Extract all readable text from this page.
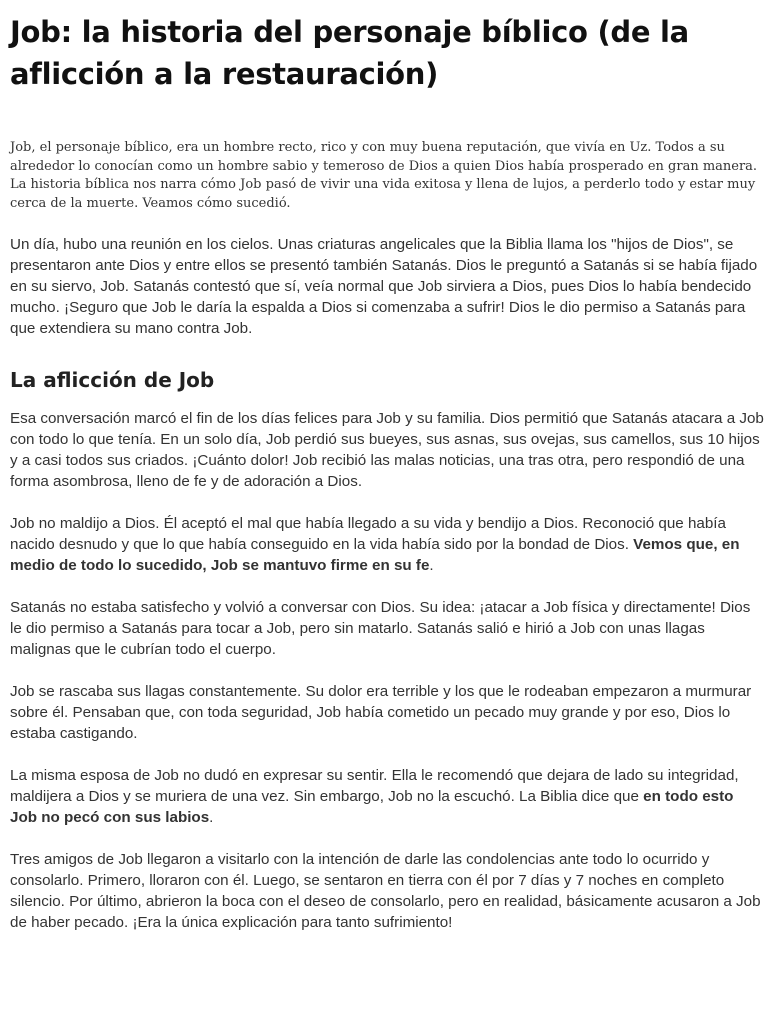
Job: la historia del personaje bíblico (de la aflicción a la restauración)

Job, el personaje bíblico, era un hombre recto, rico y con muy buena reputación, que vivía en Uz. Todos a su alrededor lo conocían como un hombre sabio y temeroso de Dios a quien Dios había prosperado en gran manera. La historia bíblica nos narra cómo Job pasó de vivir una vida exitosa y llena de lujos, a perderlo todo y estar muy cerca de la muerte. Veamos cómo sucedió.

Un día, hubo una reunión en los cielos. Unas criaturas angelicales que la Biblia llama los "hijos de Dios", se presentaron ante Dios y entre ellos se presentó también Satanás. Dios le preguntó a Satanás si se había fijado en su siervo, Job. Satanás contestó que sí, veía normal que Job sirviera a Dios, pues Dios lo había bendecido mucho. ¡Seguro que Job le daría la espalda a Dios si comenzaba a sufrir! Dios le dio permiso a Satanás para que extendiera su mano contra Job.

La aflicción de Job

Esa conversación marcó el fin de los días felices para Job y su familia. Dios permitió que Satanás atacara a Job con todo lo que tenía. En un solo día, Job perdió sus bueyes, sus asnas, sus ovejas, sus camellos, sus 10 hijos y a casi todos sus criados. ¡Cuánto dolor! Job recibió las malas noticias, una tras otra, pero respondió de una forma asombrosa, lleno de fe y de adoración a Dios.

Job no maldijo a Dios. Él aceptó el mal que había llegado a su vida y bendijo a Dios. Reconoció que había nacido desnudo y que lo que había conseguido en la vida había sido por la bondad de Dios. Vemos que, en medio de todo lo sucedido, Job se mantuvo firme en su fe.

Satanás no estaba satisfecho y volvió a conversar con Dios. Su idea: ¡atacar a Job física y directamente! Dios le dio permiso a Satanás para tocar a Job, pero sin matarlo. Satanás salió e hirió a Job con unas llagas malignas que le cubrían todo el cuerpo.

Job se rascaba sus llagas constantemente. Su dolor era terrible y los que le rodeaban empezaron a murmurar sobre él. Pensaban que, con toda seguridad, Job había cometido un pecado muy grande y por eso, Dios lo estaba castigando.

La misma esposa de Job no dudó en expresar su sentir. Ella le recomendó que dejara de lado su integridad, maldijera a Dios y se muriera de una vez. Sin embargo, Job no la escuchó. La Biblia dice que en todo esto Job no pecó con sus labios.

Tres amigos de Job llegaron a visitarlo con la intención de darle las condolencias ante todo lo ocurrido y consolarlo. Primero, lloraron con él. Luego, se sentaron en tierra con él por 7 días y 7 noches en completo silencio. Por último, abrieron la boca con el deseo de consolarlo, pero en realidad, básicamente acusaron a Job de haber pecado. ¡Era la única explicación para tanto sufrimiento!
